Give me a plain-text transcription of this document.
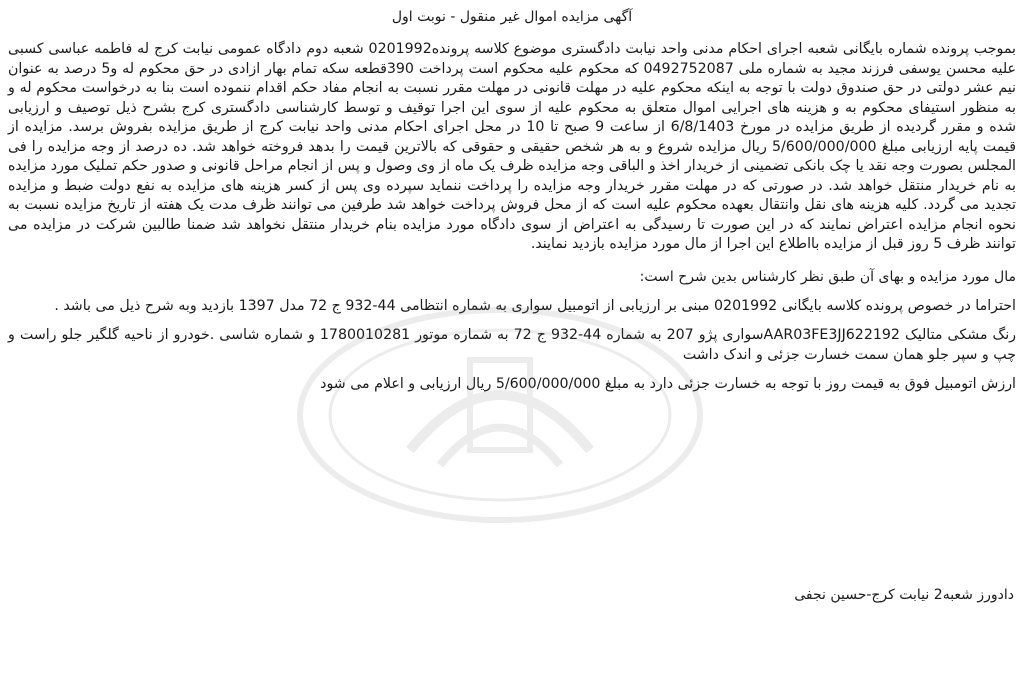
آگهی مزایده اموال غیر منقول - نوبت اول

بموجب پرونده شماره بایگانی شعبه اجرای احکام مدنی واحد نیابت دادگستری موضوع کلاسه پرونده0201992 شعبه دوم دادگاه عمومی نیابت کرج له فاطمه عباسی کسبی علیه محسن یوسفی فرزند مجید به شماره ملی 0492752087 که محکوم علیه محکوم است پرداخت 390قطعه سکه تمام بهار ازادی در حق محکوم له و5 درصد به عنوان نیم عشر دولتی در حق صندوق دولت با توجه به اینکه محکوم علیه در مهلت قانونی در مهلت مقرر نسبت به انجام مفاد حکم اقدام ننموده است بنا به درخواست محکوم له و به منظور استیفای محکوم به و هزینه های اجرایی اموال متعلق به محکوم علیه از سوی این اجرا توقیف و توسط کارشناسی دادگستری کرج بشرح ذیل توصیف و ارزیابی شده و مقرر گردیده از طریق مزایده در مورخ 6/8/1403 از ساعت 9 صبح تا 10 در محل اجرای احکام مدنی واحد نیابت کرج از طریق مزایده بفروش برسد. مزایده از قیمت پایه ارزیابی مبلغ 5/600/000/000 ریال مزایده شروع و به هر شخص حقیقی و حقوقی که بالاترین قیمت را بدهد فروخته خواهد شد. ده درصد از وجه مزایده را فی المجلس بصورت وجه نقد یا چک بانکی تضمینی از خریدار اخذ و الباقی وجه مزایده ظرف یک ماه از وی وصول و پس از انجام مراحل قانونی و صدور حکم تملیک مورد مزایده به نام خریدار منتقل خواهد شد. در صورتی که در مهلت مقرر خریدار وجه مزایده را پرداخت ننماید سپرده وی پس از کسر هزینه های مزایده به نفع دولت ضبط و مزایده تجدید می گردد. کلیه هزینه های نقل وانتقال بعهده محکوم علیه است که از محل فروش پرداخت خواهد شد طرفین می توانند ظرف مدت یک هفته از تاریخ مزایده نسبت به نحوه انجام مزایده اعتراض نمایند که در این صورت تا رسیدگی به اعتراض از سوی دادگاه مورد مزایده بنام خریدار منتقل نخواهد شد ضمنا طالبین شرکت در مزایده می توانند ظرف 5 روز قبل از مزایده بااطلاع این اجرا از مال مورد مزایده بازدید نمایند.

مال مورد مزایده و بهای آن طبق نظر کارشناس بدین شرح است:

احتراما در خصوص پرونده کلاسه بایگانی 0201992 مبنی بر ارزیابی از اتومبیل سواری به شماره انتظامی 44-932 ج 72 مدل 1397 بازدید وبه شرح ذیل می باشد .

رنگ مشکی متالیک AAR03FE3JJ622192سواری پژو 207 به شماره 44-932 ج 72 به شماره موتور 1780010281 و شماره شاسی .خودرو از ناحیه گلگیر جلو راست و چپ و سپر جلو همان سمت خسارت جزئی و اندک داشت

ارزش اتومبیل فوق به قیمت روز با توجه به خسارت جزئی دارد به مبلغ 5/600/000/000 ریال ارزیابی و اعلام می شود

دادورز شعبه2 نیابت کرج-حسین نجفی
